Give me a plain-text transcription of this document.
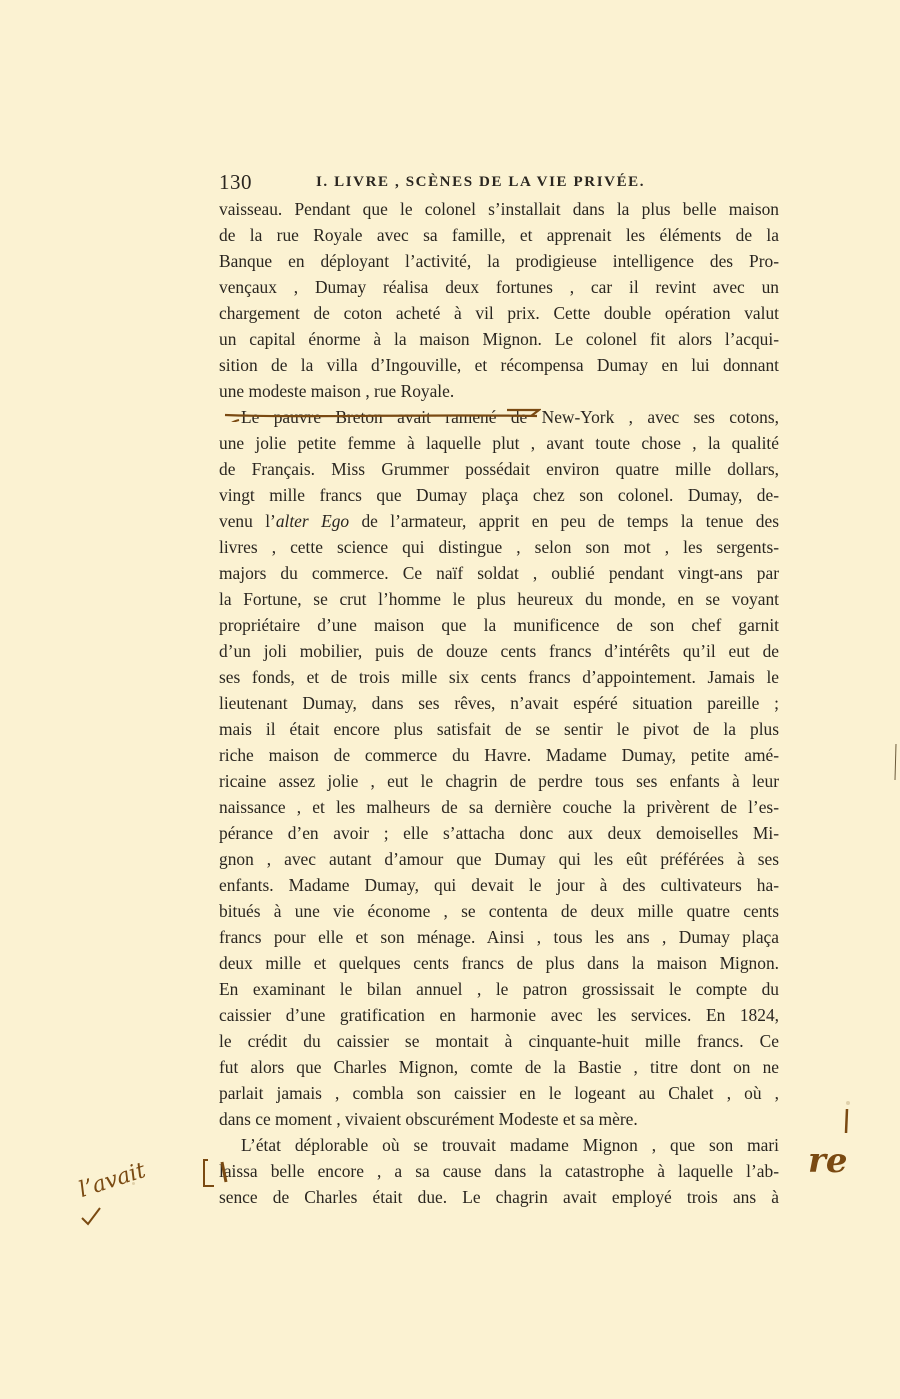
130	I. LIVRE , SCÈNES DE LA VIE PRIVÉE.
vaisseau. Pendant que le colonel s’installait dans la plus belle maison
de la rue Royale avec sa famille, et apprenait les éléments de la
Banque en déployant l’activité, la prodigieuse intelligence des Pro-
vençaux , Dumay réalisa deux fortunes , car il revint avec un
chargement de coton acheté à vil prix. Cette double opération valut
un capital énorme à la maison Mignon. Le colonel fit alors l’acqui-
sition de la villa d’Ingouville, et récompensa Dumay en lui donnant
une modeste maison , rue Royale.
Le pauvre Breton avait ramené de New-York , avec ses cotons,
une jolie petite femme à laquelle plut , avant toute chose , la qualité
de Français. Miss Grummer possédait environ quatre mille dollars,
vingt mille francs que Dumay plaça chez son colonel. Dumay, de-
venu l’alter Ego de l’armateur, apprit en peu de temps la tenue des
livres , cette science qui distingue , selon son mot , les sergents-
majors du commerce. Ce naïf soldat , oublié pendant vingt-ans par
la Fortune, se crut l’homme le plus heureux du monde, en se voyant
propriétaire d’une maison que la munificence de son chef garnit
d’un joli mobilier, puis de douze cents francs d’intérêts qu’il eut de
ses fonds, et de trois mille six cents francs d’appointement. Jamais le
lieutenant Dumay, dans ses rêves, n’avait espéré situation pareille ;
mais il était encore plus satisfait de se sentir le pivot de la plus
riche maison de commerce du Havre. Madame Dumay, petite amé-
ricaine assez jolie , eut le chagrin de perdre tous ses enfants à leur
naissance , et les malheurs de sa dernière couche la privèrent de l’es-
pérance d’en avoir ; elle s’attacha donc aux deux demoiselles Mi-
gnon , avec autant d’amour que Dumay qui les eût préférées à ses
enfants. Madame Dumay, qui devait le jour à des cultivateurs ha-
bitués à une vie économe , se contenta de deux mille quatre cents
francs pour elle et son ménage. Ainsi , tous les ans , Dumay plaça
deux mille et quelques cents francs de plus dans la maison Mignon.
En examinant le bilan annuel , le patron grossissait le compte du
caissier d’une gratification en harmonie avec les services. En 1824,
le crédit du caissier se montait à cinquante-huit mille francs. Ce
fut alors que Charles Mignon, comte de la Bastie , titre dont on ne
parlait jamais , combla son caissier en le logeant au Chalet , où ,
dans ce moment , vivaient obscurément Modeste et sa mère.
L’état déplorable où se trouvait madame Mignon , que son mari
laissa belle encore , a sa cause dans la catastrophe à laquelle l’ab-
sence de Charles était due. Le chagrin avait employé trois ans à
l’avait	re
